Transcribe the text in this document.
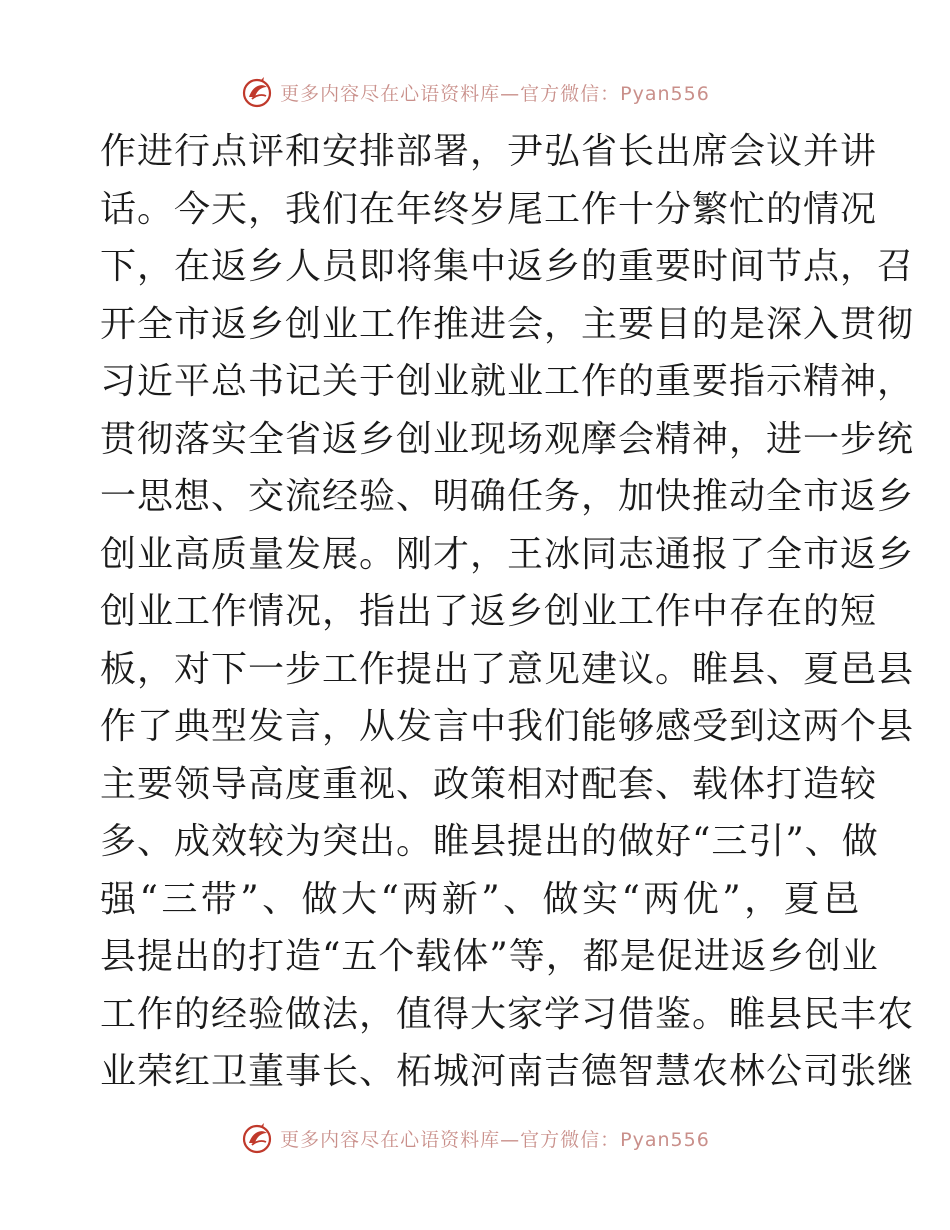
更多内容尽在心语资料库—官方微信：Pyan556
作进行点评和安排部署，尹弘省长出席会议并讲
话。今天，我们在年终岁尾工作十分繁忙的情况
下，在返乡人员即将集中返乡的重要时间节点，召
开全市返乡创业工作推进会，主要目的是深入贯彻
习近平总书记关于创业就业工作的重要指示精神，
贯彻落实全省返乡创业现场观摩会精神，进一步统
一思想、交流经验、明确任务，加快推动全市返乡
创业高质量发展。刚才，王冰同志通报了全市返乡
创业工作情况，指出了返乡创业工作中存在的短
板，对下一步工作提出了意见建议。睢县、夏邑县
作了典型发言，从发言中我们能够感受到这两个县
主要领导高度重视、政策相对配套、载体打造较
多、成效较为突出。睢县提出的做好“三引”、做
强“三带”、做大“两新”、做实“两优”，夏邑
县提出的打造“五个载体”等，都是促进返乡创业
工作的经验做法，值得大家学习借鉴。睢县民丰农
业荣红卫董事长、柘城河南吉德智慧农林公司张继
更多内容尽在心语资料库—官方微信：Pyan556
